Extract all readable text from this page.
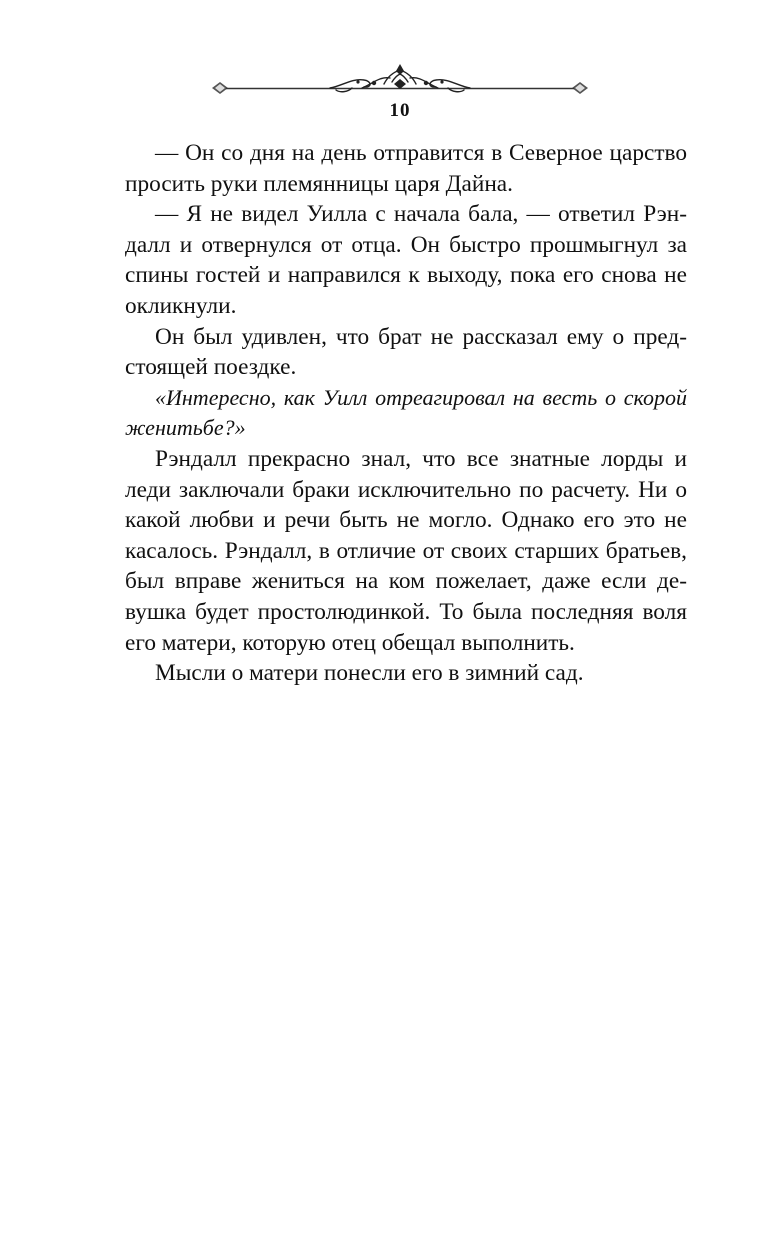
10

— Он со дня на день отправится в Северное царство просить руки племянницы царя Дайна.

— Я не видел Уилла с начала бала, — ответил Рэндалл и отвернулся от отца. Он быстро прошмыгнул за спины гостей и направился к выходу, пока его снова не окликнули.

Он был удивлен, что брат не рассказал ему о предстоящей поездке.

«Интересно, как Уилл отреагировал на весть о скорой женитьбе?»

Рэндалл прекрасно знал, что все знатные лорды и леди заключали браки исключительно по расчету. Ни о какой любви и речи быть не могло. Однако его это не касалось. Рэндалл, в отличие от своих старших братьев, был вправе жениться на ком пожелает, даже если девушка будет простолюдинкой. То была последняя воля его матери, которую отец обещал выполнить.

Мысли о матери понесли его в зимний сад.
